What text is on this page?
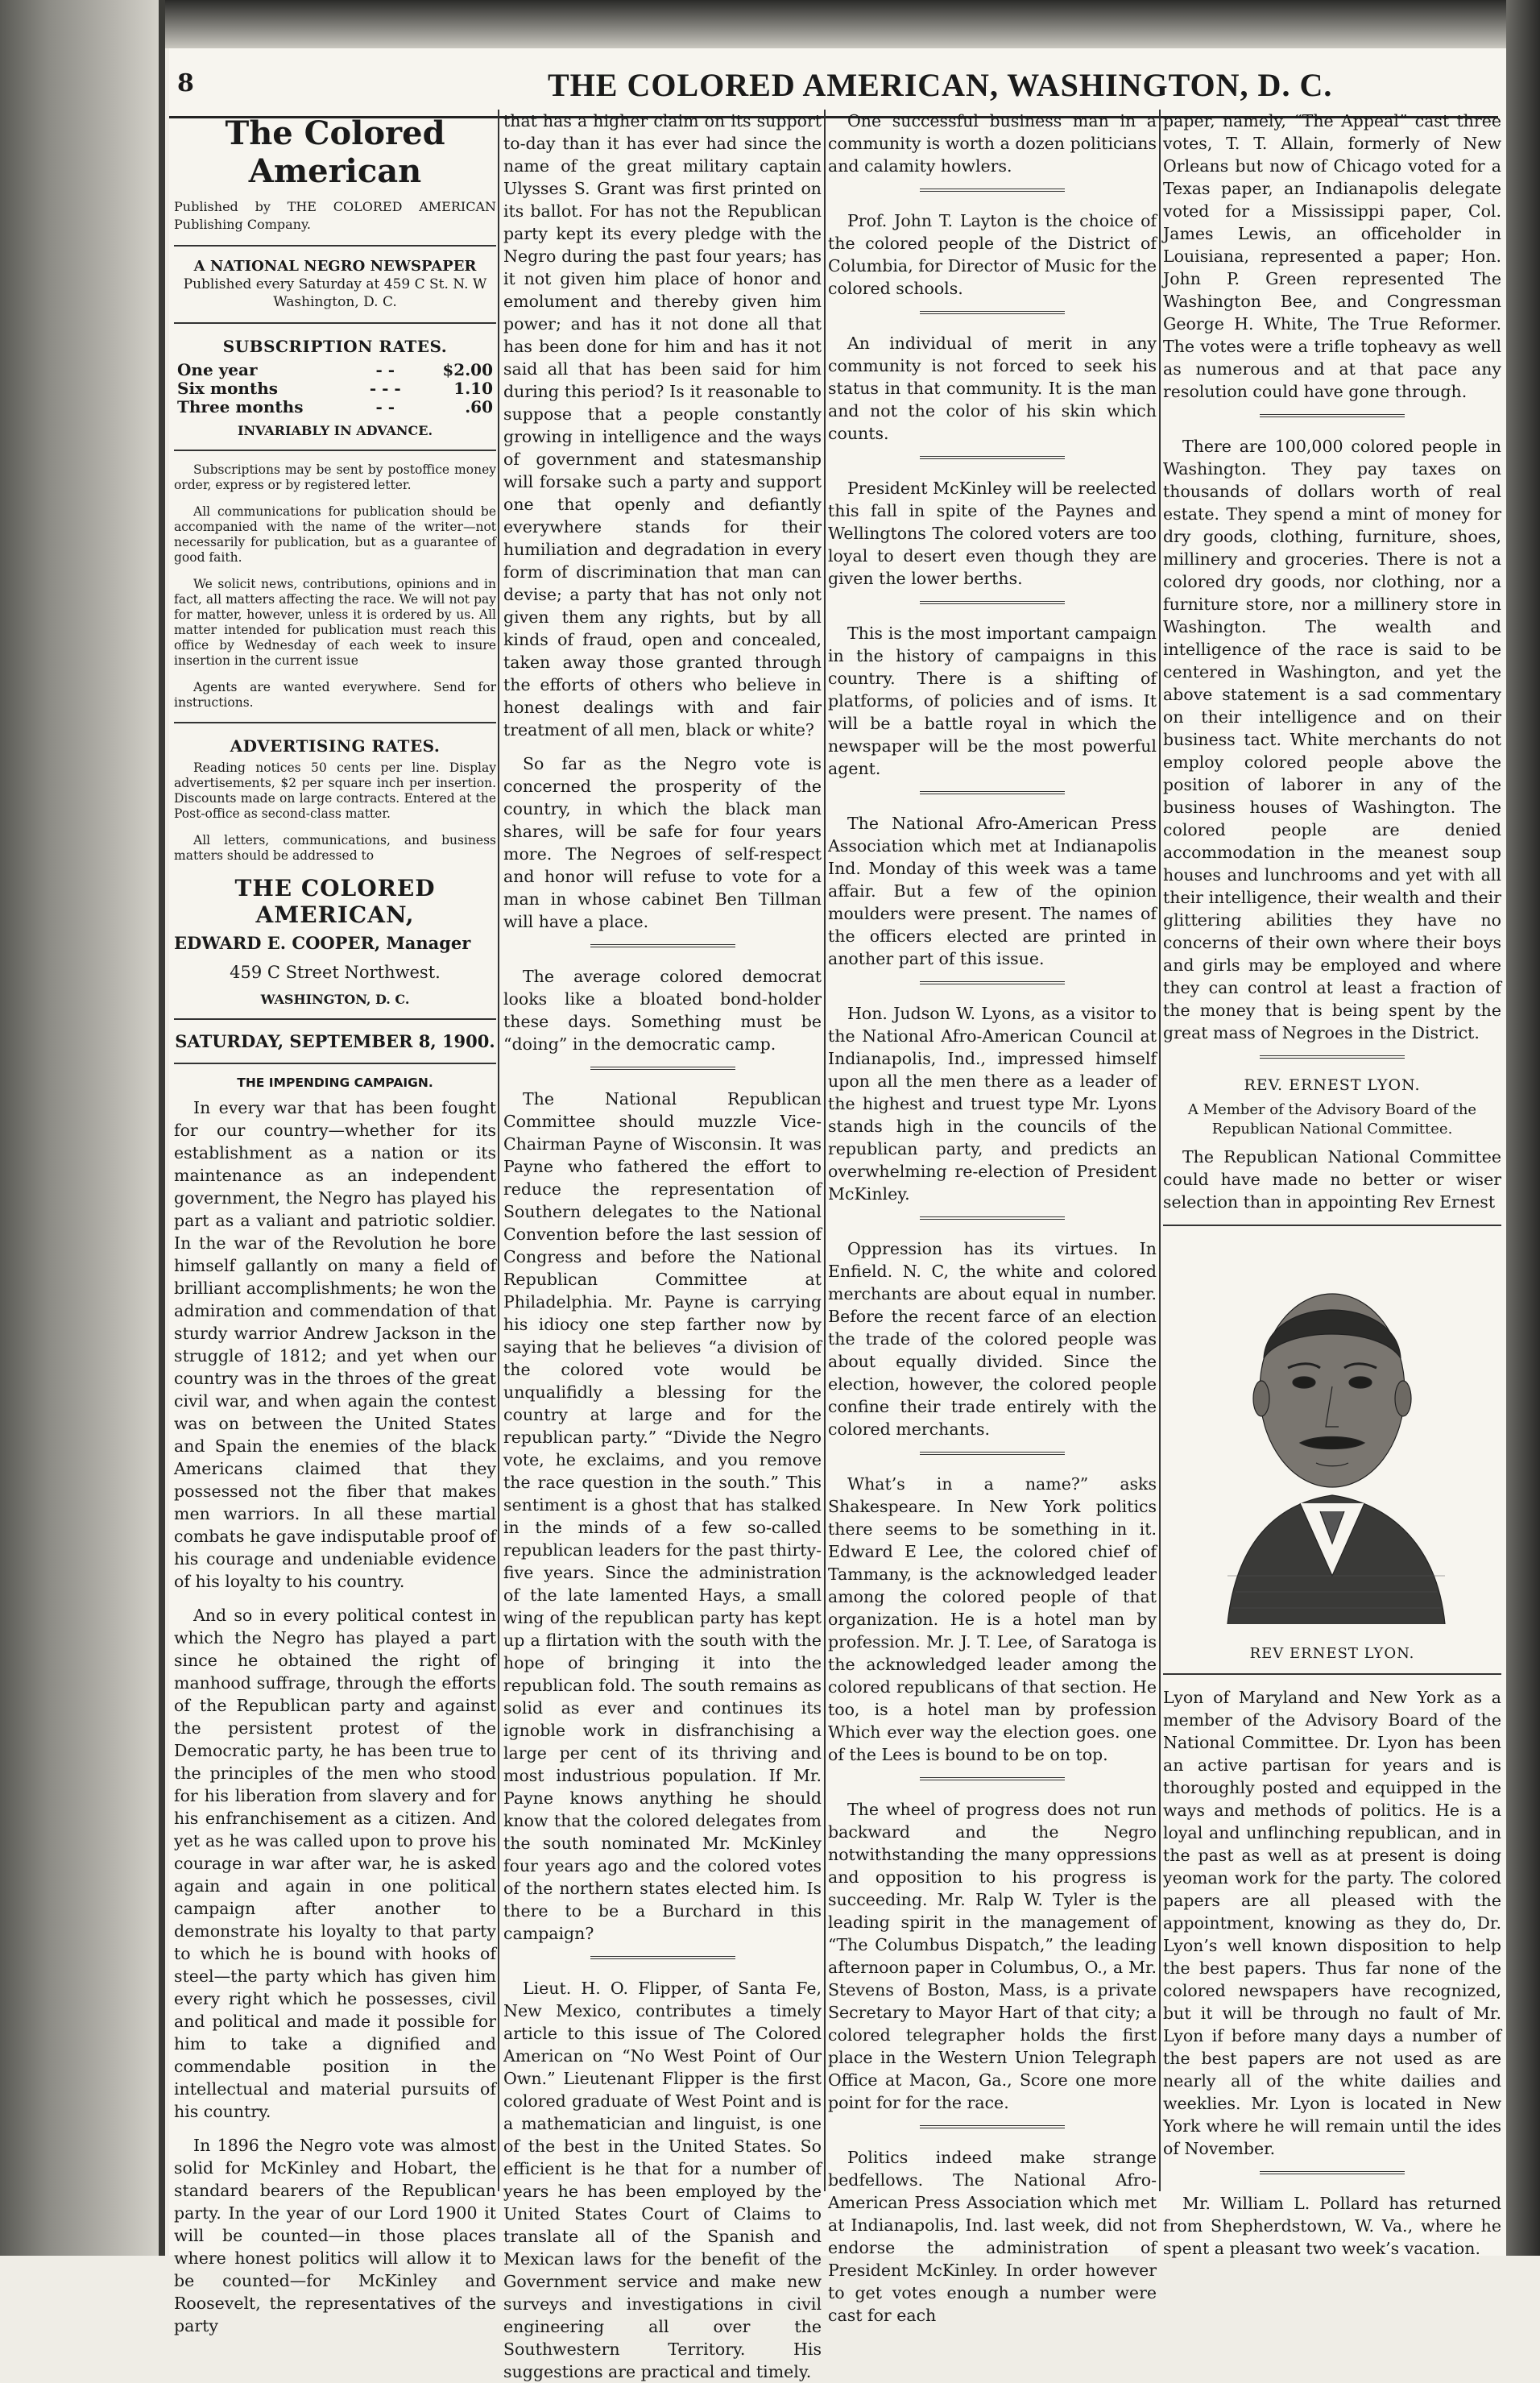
8	THE COLORED AMERICAN, WASHINGTON, D. C.
The Colored American

Published by THE COLORED AMERICAN Publishing Company.

A NATIONAL NEGRO NEWSPAPER

Published every Saturday at 459 C St. N. W

Washington, D. C.

SUBSCRIPTION RATES.
One year	- -	$2.00
Six months	- - -	1.10
Three months	- -	.60
INVARIABLY IN ADVANCE.

Subscriptions may be sent by postoffice money order, express or by registered letter.

All communications for publication should be accompanied with the name of the writer—not necessarily for publication, but as a guarantee of good faith.

We solicit news, contributions, opinions and in fact, all matters affecting the race. We will not pay for matter, however, unless it is ordered by us. All matter intended for publication must reach this office by Wednesday of each week to insure insertion in the current issue

Agents are wanted everywhere. Send for instructions.

ADVERTISING RATES.

Reading notices 50 cents per line. Display advertisements, $2 per square inch per insertion. Discounts made on large contracts. Entered at the Post-office as second-class matter.

All letters, communications, and business matters should be addressed to

THE COLORED AMERICAN,
EDWARD E. COOPER, Manager
459 C Street Northwest.
WASHINGTON, D. C.
SATURDAY, SEPTEMBER 8, 1900.
THE IMPENDING CAMPAIGN.

In every war that has been fought for our country—whether for its establishment as a nation or its maintenance as an independent government, the Negro has played his part as a valiant and patriotic soldier. In the war of the Revolution he bore himself gallantly on many a field of brilliant accomplishments; he won the admiration and commendation of that sturdy warrior Andrew Jackson in the struggle of 1812; and yet when our country was in the throes of the great civil war, and when again the contest was on between the United States and Spain the enemies of the black Americans claimed that they possessed not the fiber that makes men warriors. In all these martial combats he gave indisputable proof of his courage and undeniable evidence of his loyalty to his country.

And so in every political contest in which the Negro has played a part since he obtained the right of manhood suffrage, through the efforts of the Republican party and against the persistent protest of the Democratic party, he has been true to the principles of the men who stood for his liberation from slavery and for his enfranchisement as a citizen. And yet as he was called upon to prove his courage in war after war, he is asked again and again in one political campaign after another to demonstrate his loyalty to that party to which he is bound with hooks of steel—the party which has given him every right which he possesses, civil and political and made it possible for him to take a dignified and commendable position in the intellectual and material pursuits of his country.

In 1896 the Negro vote was almost solid for McKinley and Hobart, the standard bearers of the Republican party. In the year of our Lord 1900 it will be counted—in those places where honest politics will allow it to be counted—for McKinley and Roosevelt, the representatives of the party

that has a higher claim on its support to-day than it has ever had since the name of the great military captain Ulysses S. Grant was first printed on its ballot. For has not the Republican party kept its every pledge with the Negro during the past four years; has it not given him place of honor and emolument and thereby given him power; and has it not done all that has been done for him and has it not said all that has been said for him during this period? Is it reasonable to suppose that a people constantly growing in intelligence and the ways of government and statesmanship will forsake such a party and support one that openly and defiantly everywhere stands for their humiliation and degradation in every form of discrimination that man can devise; a party that has not only not given them any rights, but by all kinds of fraud, open and concealed, taken away those granted through the efforts of others who believe in honest dealings with and fair treatment of all men, black or white?

So far as the Negro vote is concerned the prosperity of the country, in which the black man shares, will be safe for four years more. The Negroes of self-respect and honor will refuse to vote for a man in whose cabinet Ben Tillman will have a place.

The average colored democrat looks like a bloated bond-holder these days. Something must be “doing” in the democratic camp.

The National Republican Committee should muzzle Vice-Chairman Payne of Wisconsin. It was Payne who fathered the effort to reduce the representation of Southern delegates to the National Convention before the last session of Congress and before the National Republican Committee at Philadelphia. Mr. Payne is carrying his idiocy one step farther now by saying that he believes “a division of the colored vote would be unqualifidly a blessing for the country at large and for the republican party.” “Divide the Negro vote, he exclaims, and you remove the race question in the south.” This sentiment is a ghost that has stalked in the minds of a few so-called republican leaders for the past thirty-five years. Since the administration of the late lamented Hays, a small wing of the republican party has kept up a flirtation with the south with the hope of bringing it into the republican fold. The south remains as solid as ever and continues its ignoble work in disfranchising a large per cent of its thriving and most industrious population. If Mr. Payne knows anything he should know that the colored delegates from the south nominated Mr. McKinley four years ago and the colored votes of the northern states elected him. Is there to be a Burchard in this campaign?

Lieut. H. O. Flipper, of Santa Fe, New Mexico, contributes a timely article to this issue of The Colored American on “No West Point of Our Own.” Lieutenant Flipper is the first colored graduate of West Point and is a mathematician and linguist, is one of the best in the United States. So efficient is he that for a number of years he has been employed by the United States Court of Claims to translate all of the Spanish and Mexican laws for the benefit of the Government service and make new surveys and investigations in civil engineering all over the Southwestern Territory. His suggestions are practical and timely.

One successful business man in a community is worth a dozen politicians and calamity howlers.

Prof. John T. Layton is the choice of the colored people of the District of Columbia, for Director of Music for the colored schools.

An individual of merit in any community is not forced to seek his status in that community. It is the man and not the color of his skin which counts.

President McKinley will be reelected this fall in spite of the Paynes and Wellingtons The colored voters are too loyal to desert even though they are given the lower berths.

This is the most important campaign in the history of campaigns in this country. There is a shifting of platforms, of policies and of isms. It will be a battle royal in which the newspaper will be the most powerful agent.

The National Afro-American Press Association which met at Indianapolis Ind. Monday of this week was a tame affair. But a few of the opinion moulders were present. The names of the officers elected are printed in another part of this issue.

Hon. Judson W. Lyons, as a visitor to the National Afro-American Council at Indianapolis, Ind., impressed himself upon all the men there as a leader of the highest and truest type Mr. Lyons stands high in the councils of the republican party, and predicts an overwhelming re-election of President McKinley.

Oppression has its virtues. In Enfield. N. C, the white and colored merchants are about equal in number. Before the recent farce of an election the trade of the colored people was about equally divided. Since the election, however, the colored people confine their trade entirely with the colored merchants.

What’s in a name?” asks Shakespeare. In New York politics there seems to be something in it. Edward E Lee, the colored chief of Tammany, is the acknowledged leader among the colored people of that organization. He is a hotel man by profession. Mr. J. T. Lee, of Saratoga is the acknowledged leader among the colored republicans of that section. He too, is a hotel man by profession Which ever way the election goes. one of the Lees is bound to be on top.

The wheel of progress does not run backward and the Negro notwithstanding the many oppressions and opposition to his progress is succeeding. Mr. Ralp W. Tyler is the leading spirit in the management of “The Columbus Dispatch,” the leading afternoon paper in Columbus, O., a Mr. Stevens of Boston, Mass, is a private Secretary to Mayor Hart of that city; a colored telegrapher holds the first place in the Western Union Telegraph Office at Macon, Ga., Score one more point for for the race.

Politics indeed make strange bedfellows. The National Afro-American Press Association which met at Indianapolis, Ind. last week, did not endorse the administration of President McKinley. In order however to get votes enough a number were cast for each

paper, namely, “The Appeal” cast three votes, T. T. Allain, formerly of New Orleans but now of Chicago voted for a Texas paper, an Indianapolis delegate voted for a Mississippi paper, Col. James Lewis, an officeholder in Louisiana, represented a paper; Hon. John P. Green represented The Washington Bee, and Congressman George H. White, The True Reformer. The votes were a trifle topheavy as well as numerous and at that pace any resolution could have gone through.

There are 100,000 colored people in Washington. They pay taxes on thousands of dollars worth of real estate. They spend a mint of money for dry goods, clothing, furniture, shoes, millinery and groceries. There is not a colored dry goods, nor clothing, nor a furniture store, nor a millinery store in Washington. The wealth and intelligence of the race is said to be centered in Washington, and yet the above statement is a sad commentary on their intelligence and on their business tact. White merchants do not employ colored people above the position of laborer in any of the business houses of Washington. The colored people are denied accommodation in the meanest soup houses and lunchrooms and yet with all their intelligence, their wealth and their glittering abilities they have no concerns of their own where their boys and girls may be employed and where they can control at least a fraction of the money that is being spent by the great mass of Negroes in the District.

REV. ERNEST LYON.

A Member of the Advisory Board of the Republican National Committee.

The Republican National Committee could have made no better or wiser selection than in appointing Rev Ernest

REV ERNEST LYON.

Lyon of Maryland and New York as a member of the Advisory Board of the National Committee. Dr. Lyon has been an active partisan for years and is thoroughly posted and equipped in the ways and methods of politics. He is a loyal and unflinching republican, and in the past as well as at present is doing yeoman work for the party. The colored papers are all pleased with the appointment, knowing as they do, Dr. Lyon’s well known disposition to help the best papers. Thus far none of the colored newspapers have recognized, but it will be through no fault of Mr. Lyon if before many days a number of the best papers are not used as are nearly all of the white dailies and weeklies. Mr. Lyon is located in New York where he will remain until the ides of November.

Mr. William L. Pollard has returned from Shepherdstown, W. Va., where he spent a pleasant two week’s vacation.
